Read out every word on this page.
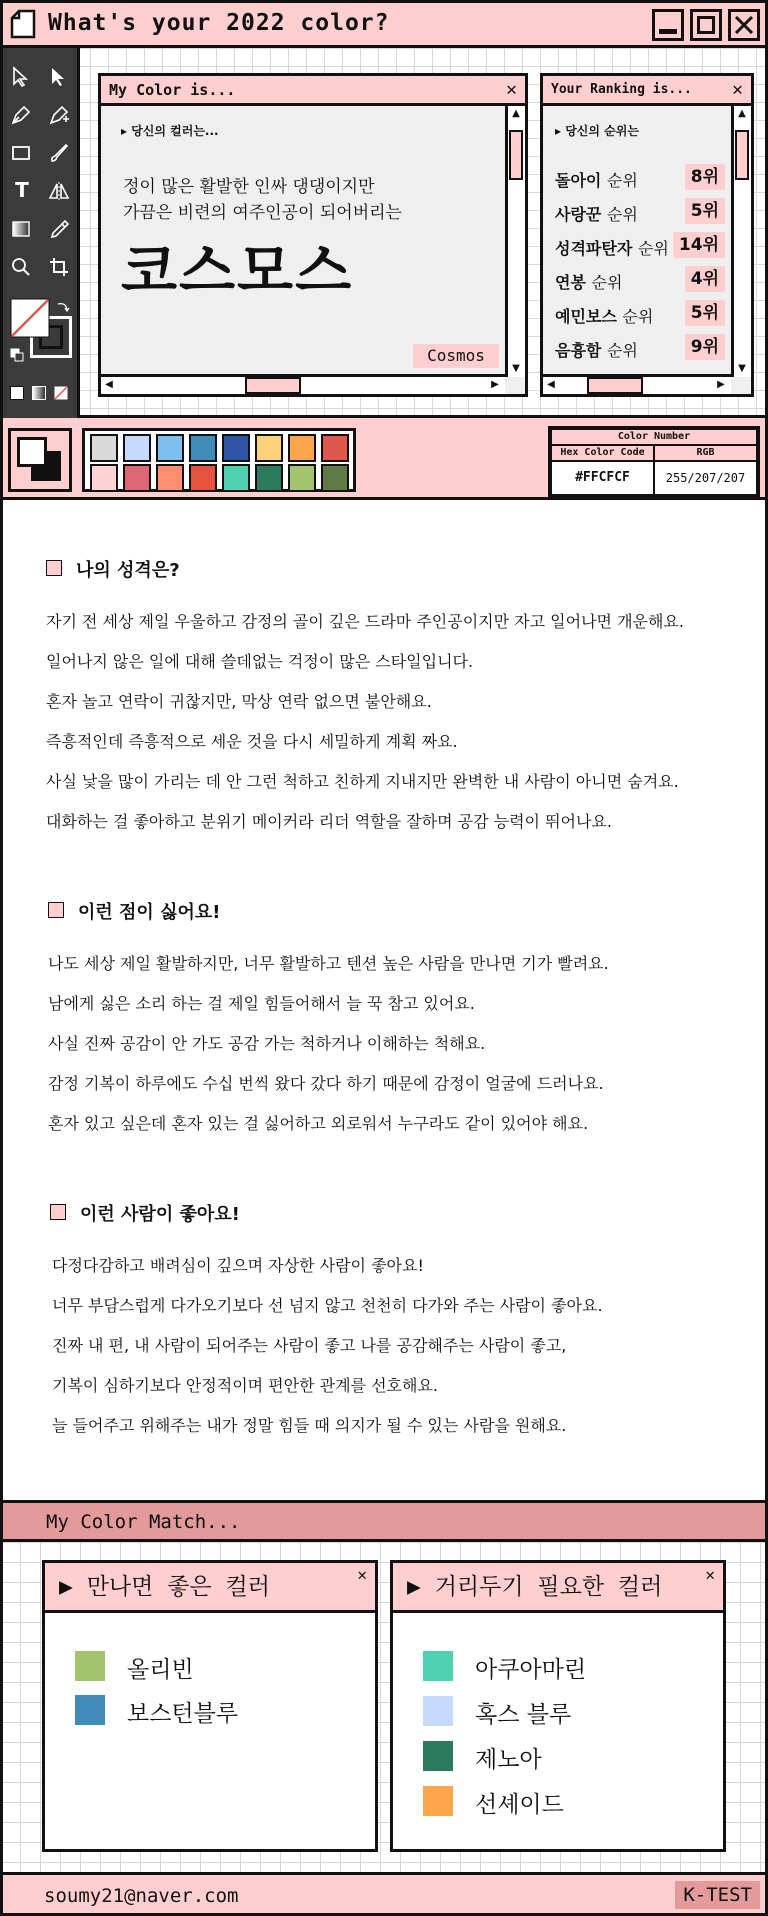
What's your 2022 color?
T
My Color is...	✕
▸ 당신의 컬러는...
정이 많은 활발한 인싸 댕댕이지만
가끔은 비련의 여주인공이 되어버리는
코스모스
Cosmos
▲
▼
◀	▶
Your Ranking is... ✕
▸ 당신의 순위는
돌아이 순위	8위
사랑꾼 순위	5위
성격파탄자 순위 14위
연봉 순위	4위
예민보스 순위	5위
음흉함 순위	9위
▲
▼
◀	▶
Color Number
Hex Color Code	RGB
#FFCFCF	255/207/207
나의 성격은?
자기 전 세상 제일 우울하고 감정의 골이 깊은 드라마 주인공이지만 자고 일어나면 개운해요.
일어나지 않은 일에 대해 쓸데없는 걱정이 많은 스타일입니다.
혼자 놀고 연락이 귀찮지만, 막상 연락 없으면 불안해요.
즉흥적인데 즉흥적으로 세운 것을 다시 세밀하게 계획 짜요.
사실 낯을 많이 가리는 데 안 그런 척하고 친하게 지내지만 완벽한 내 사람이 아니면 숨겨요.
대화하는 걸 좋아하고 분위기 메이커라 리더 역할을 잘하며 공감 능력이 뛰어나요.
이런 점이 싫어요!
나도 세상 제일 활발하지만, 너무 활발하고 텐션 높은 사람을 만나면 기가 빨려요.
남에게 싫은 소리 하는 걸 제일 힘들어해서 늘 꾹 참고 있어요.
사실 진짜 공감이 안 가도 공감 가는 척하거나 이해하는 척해요.
감정 기복이 하루에도 수십 번씩 왔다 갔다 하기 때문에 감정이 얼굴에 드러나요.
혼자 있고 싶은데 혼자 있는 걸 싫어하고 외로워서 누구라도 같이 있어야 해요.
이런 사람이 좋아요!
다정다감하고 배려심이 깊으며 자상한 사람이 좋아요!
너무 부담스럽게 다가오기보다 선 넘지 않고 천천히 다가와 주는 사람이 좋아요.
진짜 내 편, 내 사람이 되어주는 사람이 좋고 나를 공감해주는 사람이 좋고,
기복이 심하기보다 안정적이며 편안한 관계를 선호해요.
늘 들어주고 위해주는 내가 정말 힘들 때 의지가 될 수 있는 사람을 원해요.
My Color Match...
▶ 만나면 좋은 컬러	✕
올리빈
보스턴블루
▶ 거리두기 필요한 컬러	✕
아쿠아마린
혹스 블루
제노아
선셰이드
soumy21@naver.com	K-TEST
